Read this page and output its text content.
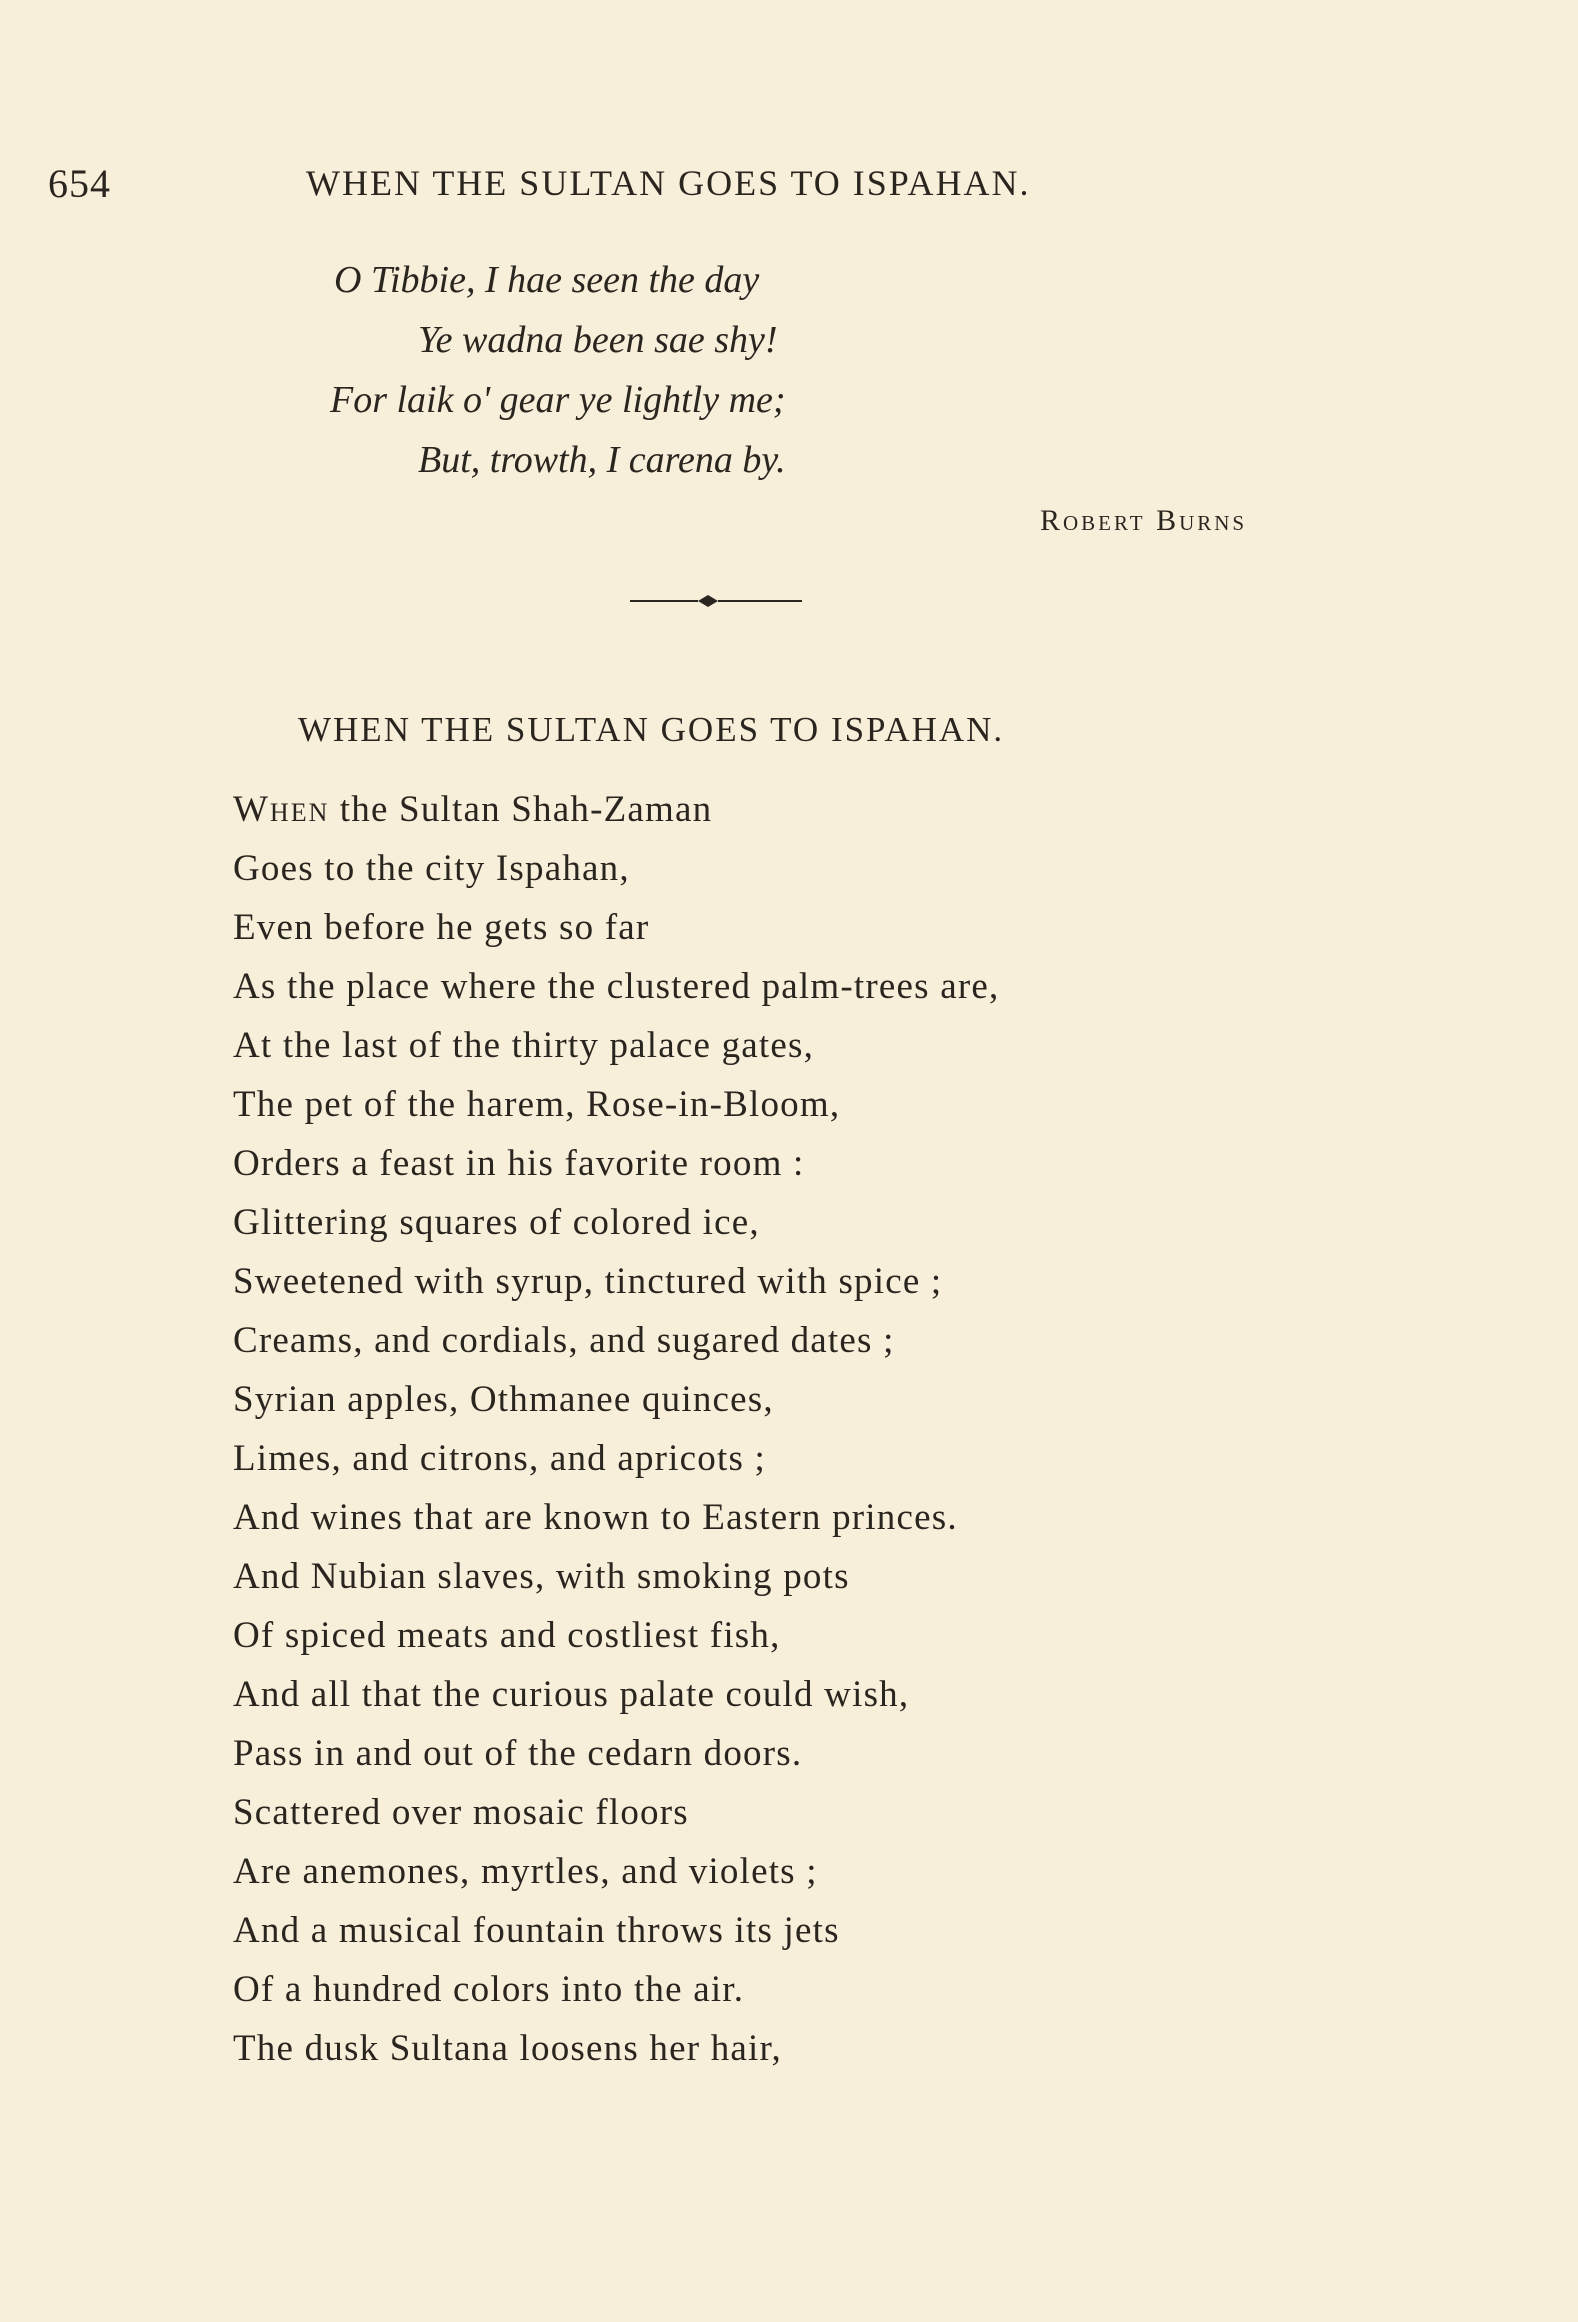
654	WHEN THE SULTAN GOES TO ISPAHAN.
O Tibbie, I hae seen the day
Ye wadna been sae shy!
For laik o' gear ye lightly me;
But, trowth, I carena by.
Robert Burns
WHEN THE SULTAN GOES TO ISPAHAN.
When the Sultan Shah-Zaman
Goes to the city Ispahan,
Even before he gets so far
As the place where the clustered palm-trees are,
At the last of the thirty palace gates,
The pet of the harem, Rose-in-Bloom,
Orders a feast in his favorite room :
Glittering squares of colored ice,
Sweetened with syrup, tinctured with spice ;
Creams, and cordials, and sugared dates ;
Syrian apples, Othmanee quinces,
Limes, and citrons, and apricots ;
And wines that are known to Eastern princes.
And Nubian slaves, with smoking pots
Of spiced meats and costliest fish,
And all that the curious palate could wish,
Pass in and out of the cedarn doors.
Scattered over mosaic floors
Are anemones, myrtles, and violets ;
And a musical fountain throws its jets
Of a hundred colors into the air.
The dusk Sultana loosens her hair,
